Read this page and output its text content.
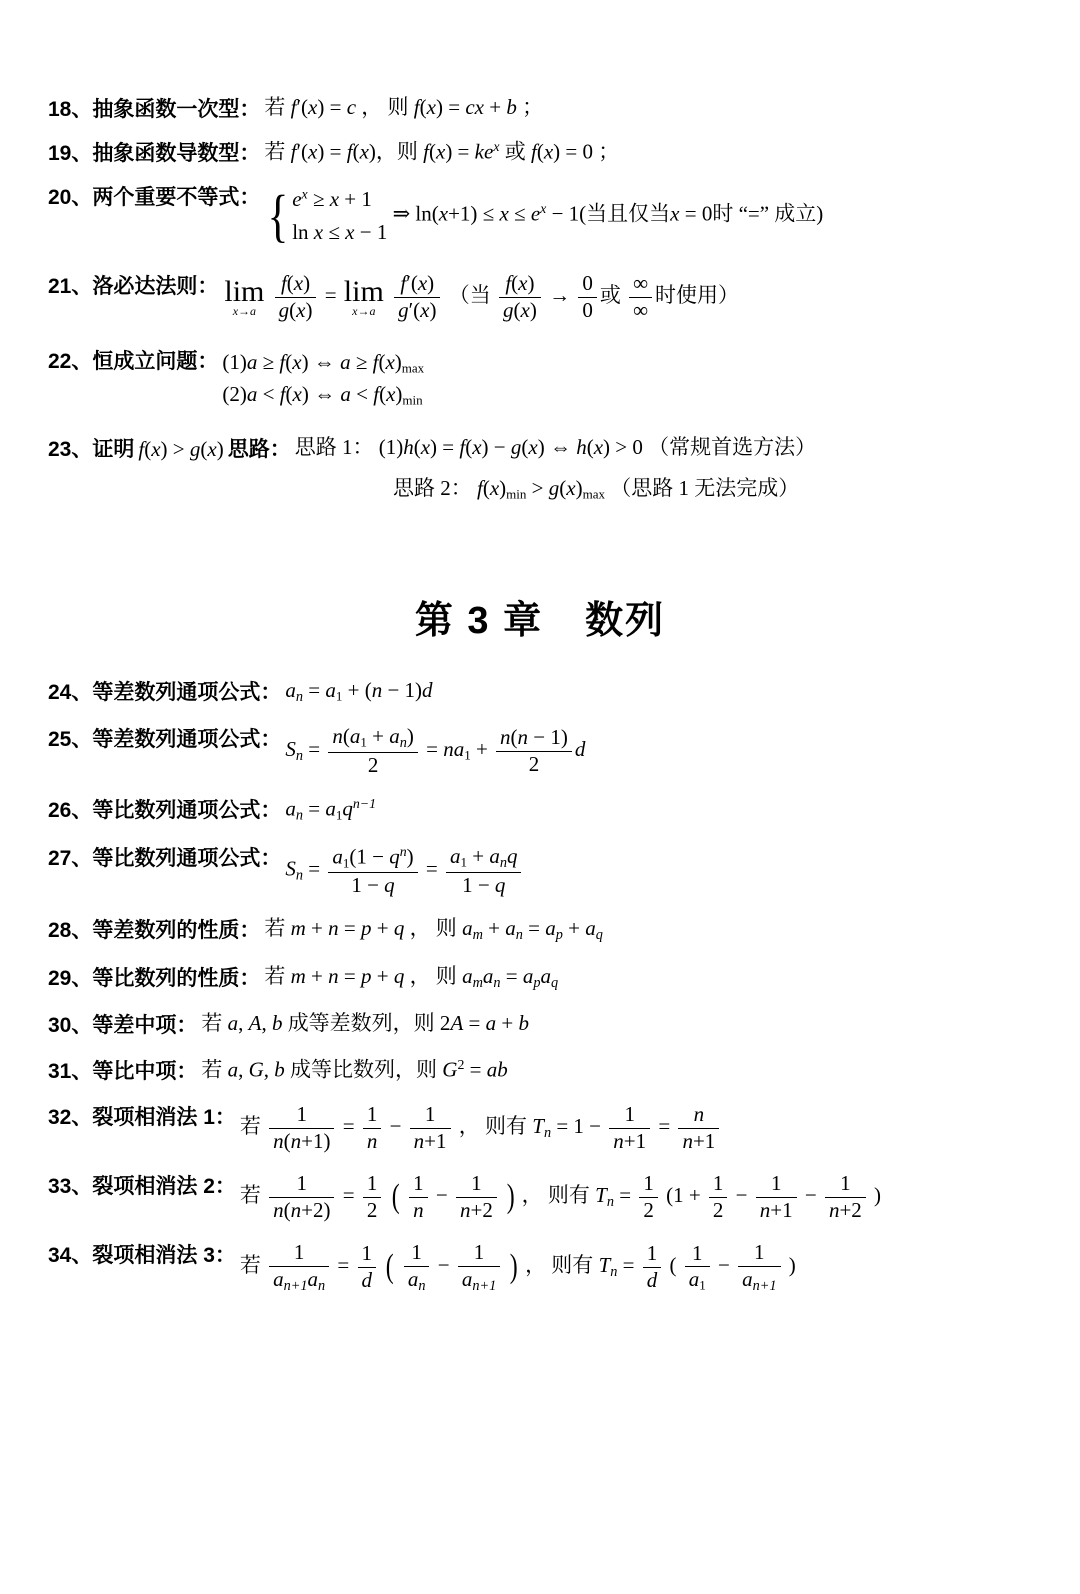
18、 抽象函数一次型： 若 f′(x) = c ， 则 f(x) = cx + b ；
19、 抽象函数导数型： 若 f′(x) = f(x)，则 $f(x) = ke^x$ 或 f(x) = 0 ；
20、 两个重要不等式： { $e^x \ge x + 1$
ln x ≤ x − 1
⇒ $\ln(x+1) \le x \le e^x - 1$(当且仅当x = 0时 “=” 成立)
21、 洛必达法则： lim
x→a
$\frac{f(x)}{g(x)} = \lim$
x→a
$\frac{f'(x)}{g'(x)}$ （当 $\frac{f(x)}{g(x)} \to \frac{0}{0}$ 或 $\frac{\infty}{\infty}$ 时使用）
22、 恒成立问题： (1)a ≥ f(x) ⇔ a ≥ f(x)max
(2)a < f(x) ⇔ a < f(x)min
23、 证明 f(x) > g(x) 思路： 思路 1： (1)h(x) = f(x) − g(x) ⇔ h(x) > 0 （常规首选方法）
思路 2： f(x)min > g(x)max （思路 1 无法完成）
第 3 章 数列
24、 等差数列通项公式： $a_n = a1 + (n - 1)d$
25、 等差数列通项公式： $S_n = \frac{n(a1 + a_n)}{2} = na1 + \frac{n(n - 1)}{2}$ d
26、 等比数列通项公式： $a_n = a1q^{n-1}$
27、 等比数列通项公式： $S_n = \frac{a1(1 - q^n)}{1 - q} = \frac{a1 + a_nq}{1 - q}$
28、 等差数列的性质： 若 m + n = p + q ， 则 $a_m + a_n = a_p + a_q$
29、 等比数列的性质： 若 m + n = p + q ， 则 $a_ma_n = a_pa_q$
30、 等差中项： 若 a, A, b 成等差数列，则 2A = a + b
31、 等比中项： 若 a, G, b 成等比数列，则 $G^2$ = ab
32、 裂项相消法 1： 若 $\frac{1}{n(n+1)} = \frac{1}{n} - \frac{1}{n+1}$ ， 则有 $T_n = 1 - \frac{1}{n+1} = \frac{n}{n+1}$
33、 裂项相消法 2： 若 $\frac{1}{n(n+2)} = \frac{1}{2}$ ( $\frac{1}{n} - \frac{1}{n+2}$ ) ， 则有 $T_n = \frac{1}{2} (1 + \frac{1}{2} - \frac{1}{n+1} - \frac{1}{n+2}$ )
34、 裂项相消法 3： 若 $\frac{1}{a_{n+1}a_n} = \frac{1}{d}$ ( $\frac{1}{a_n} - \frac{1}{a_{n+1}}$ ) ， 则有 $T_n = \frac{1}{d}$ ( $\frac{1}{a1} - \frac{1}{a_{n+1}}$ )
